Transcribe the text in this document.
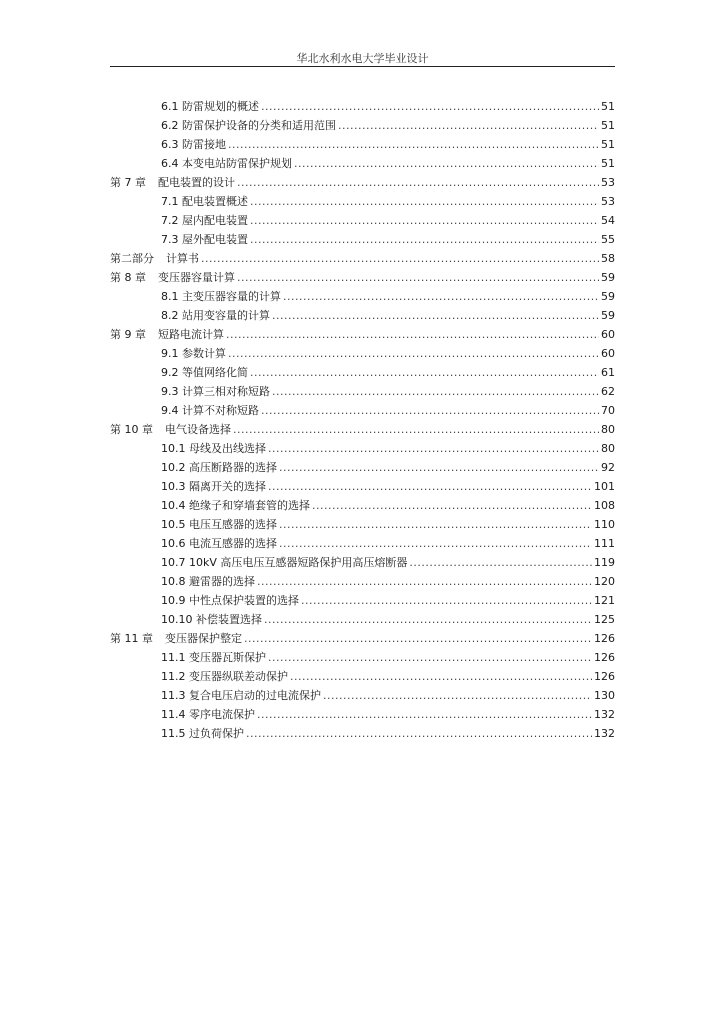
华北水利水电大学毕业设计
6.1 防雷规划的概述 .....	51
6.2 防雷保护设备的分类和适用范围 .....	51
6.3 防雷接地 .....	51
6.4 本变电站防雷保护规划 .....	51
第 7 章 配电装置的设计 .....	53
7.1 配电装置概述 .....	53
7.2 屋内配电装置 .....	54
7.3 屋外配电装置 .....	55
第二部分 计算书 .....	58
第 8 章 变压器容量计算 .....	59
8.1 主变压器容量的计算 .....	59
8.2 站用变容量的计算 .....	59
第 9 章 短路电流计算 .....	60
9.1 参数计算 .....	60
9.2 等值网络化简 .....	61
9.3 计算三相对称短路 .....	62
9.4 计算不对称短路 .....	70
第 10 章 电气设备选择 .....	80
10.1 母线及出线选择 .....	80
10.2 高压断路器的选择 .....	92
10.3 隔离开关的选择 .....	101
10.4 绝缘子和穿墙套管的选择 .....	108
10.5 电压互感器的选择 .....	110
10.6 电流互感器的选择 .....	111
10.7 10kV 高压电压互感器短路保护用高压熔断器 .....	119
10.8 避雷器的选择 .....	120
10.9 中性点保护装置的选择 .....	121
10.10 补偿装置选择 .....	125
第 11 章 变压器保护整定 .....	126
11.1 变压器瓦斯保护 .....	126
11.2 变压器纵联差动保护 .....	126
11.3 复合电压启动的过电流保护 .....	130
11.4 零序电流保护 .....	132
11.5 过负荷保护 .....	132
